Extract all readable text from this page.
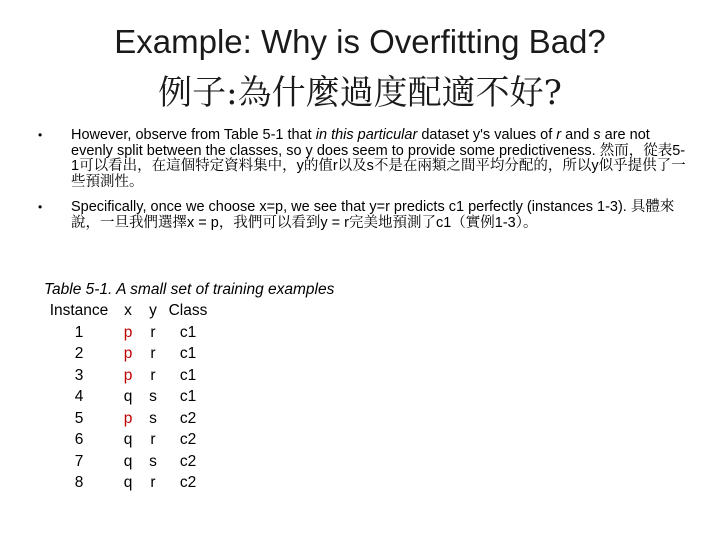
Example: Why is Overfitting Bad?
例子:為什麼過度配適不好?
• However, observe from Table 5-1 that in this particular dataset y's values of r and s are not evenly split between the classes, so y does seem to provide some predictiveness. 然而，從表5-1可以看出，在這個特定資料集中，y的值r以及s不是在兩類之間平均分配的，所以y似乎提供了一些預測性。
• Specifically, once we choose x=p, we see that y=r predicts c1 perfectly (instances 1-3). 具體來說，一旦我們選擇x = p，我們可以看到y = r完美地預測了c1（實例1-3）。
Table 5-1. A small set of training examples
Instance	x	y	Class
1	p	r	c1
2	p	r	c1
3	p	r	c1
4	q	s	c1
5	p	s	c2
6	q	r	c2
7	q	s	c2
8	q	r	c2
